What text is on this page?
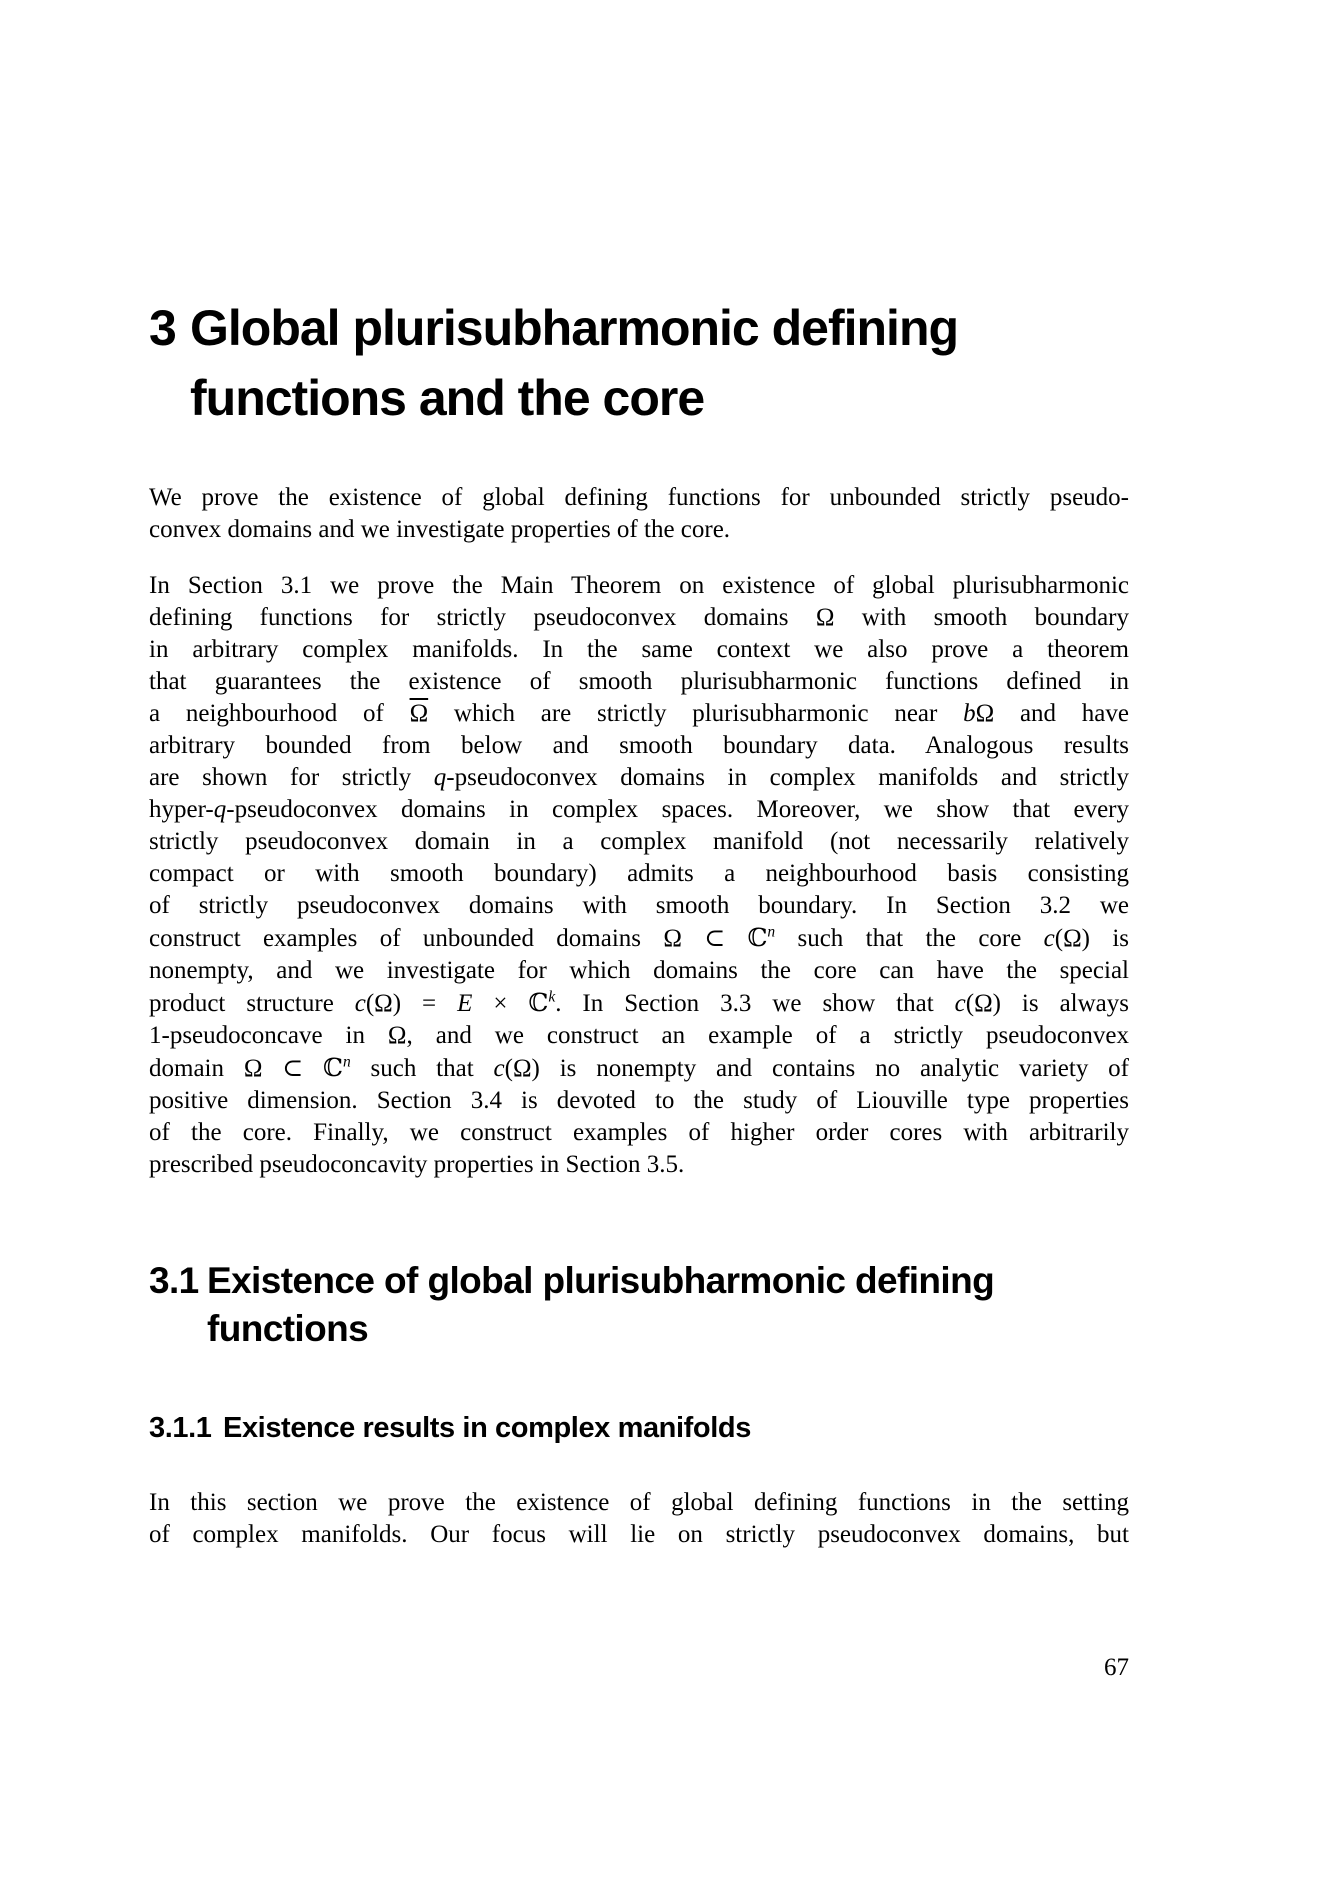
3 Global plurisubharmonic defining
functions and the core
We prove the existence of global defining functions for unbounded strictly pseudo-
convex domains and we investigate properties of the core.
In Section 3.1 we prove the Main Theorem on existence of global plurisubharmonic
defining functions for strictly pseudoconvex domains Ω with smooth boundary
in arbitrary complex manifolds. In the same context we also prove a theorem
that guarantees the existence of smooth plurisubharmonic functions defined in
a neighbourhood of $\overline{\Omega}$ which are strictly plurisubharmonic near bΩ and have
arbitrary bounded from below and smooth boundary data. Analogous results
are shown for strictly q-pseudoconvex domains in complex manifolds and strictly
hyper-q-pseudoconvex domains in complex spaces. Moreover, we show that every
strictly pseudoconvex domain in a complex manifold (not necessarily relatively
compact or with smooth boundary) admits a neighbourhood basis consisting
of strictly pseudoconvex domains with smooth boundary. In Section 3.2 we
construct examples of unbounded domains Ω ⊂ ℂ$^n$ such that the core c(Ω) is
nonempty, and we investigate for which domains the core can have the special
product structure c(Ω) = E × ℂ$^k$. In Section 3.3 we show that c(Ω) is always
1-pseudoconcave in Ω, and we construct an example of a strictly pseudoconvex
domain Ω ⊂ ℂ$^n$ such that c(Ω) is nonempty and contains no analytic variety of
positive dimension. Section 3.4 is devoted to the study of Liouville type properties
of the core. Finally, we construct examples of higher order cores with arbitrarily
prescribed pseudoconcavity properties in Section 3.5.
3.1 Existence of global plurisubharmonic defining
functions
3.1.1 Existence results in complex manifolds
In this section we prove the existence of global defining functions in the setting
of complex manifolds. Our focus will lie on strictly pseudoconvex domains, but
67
